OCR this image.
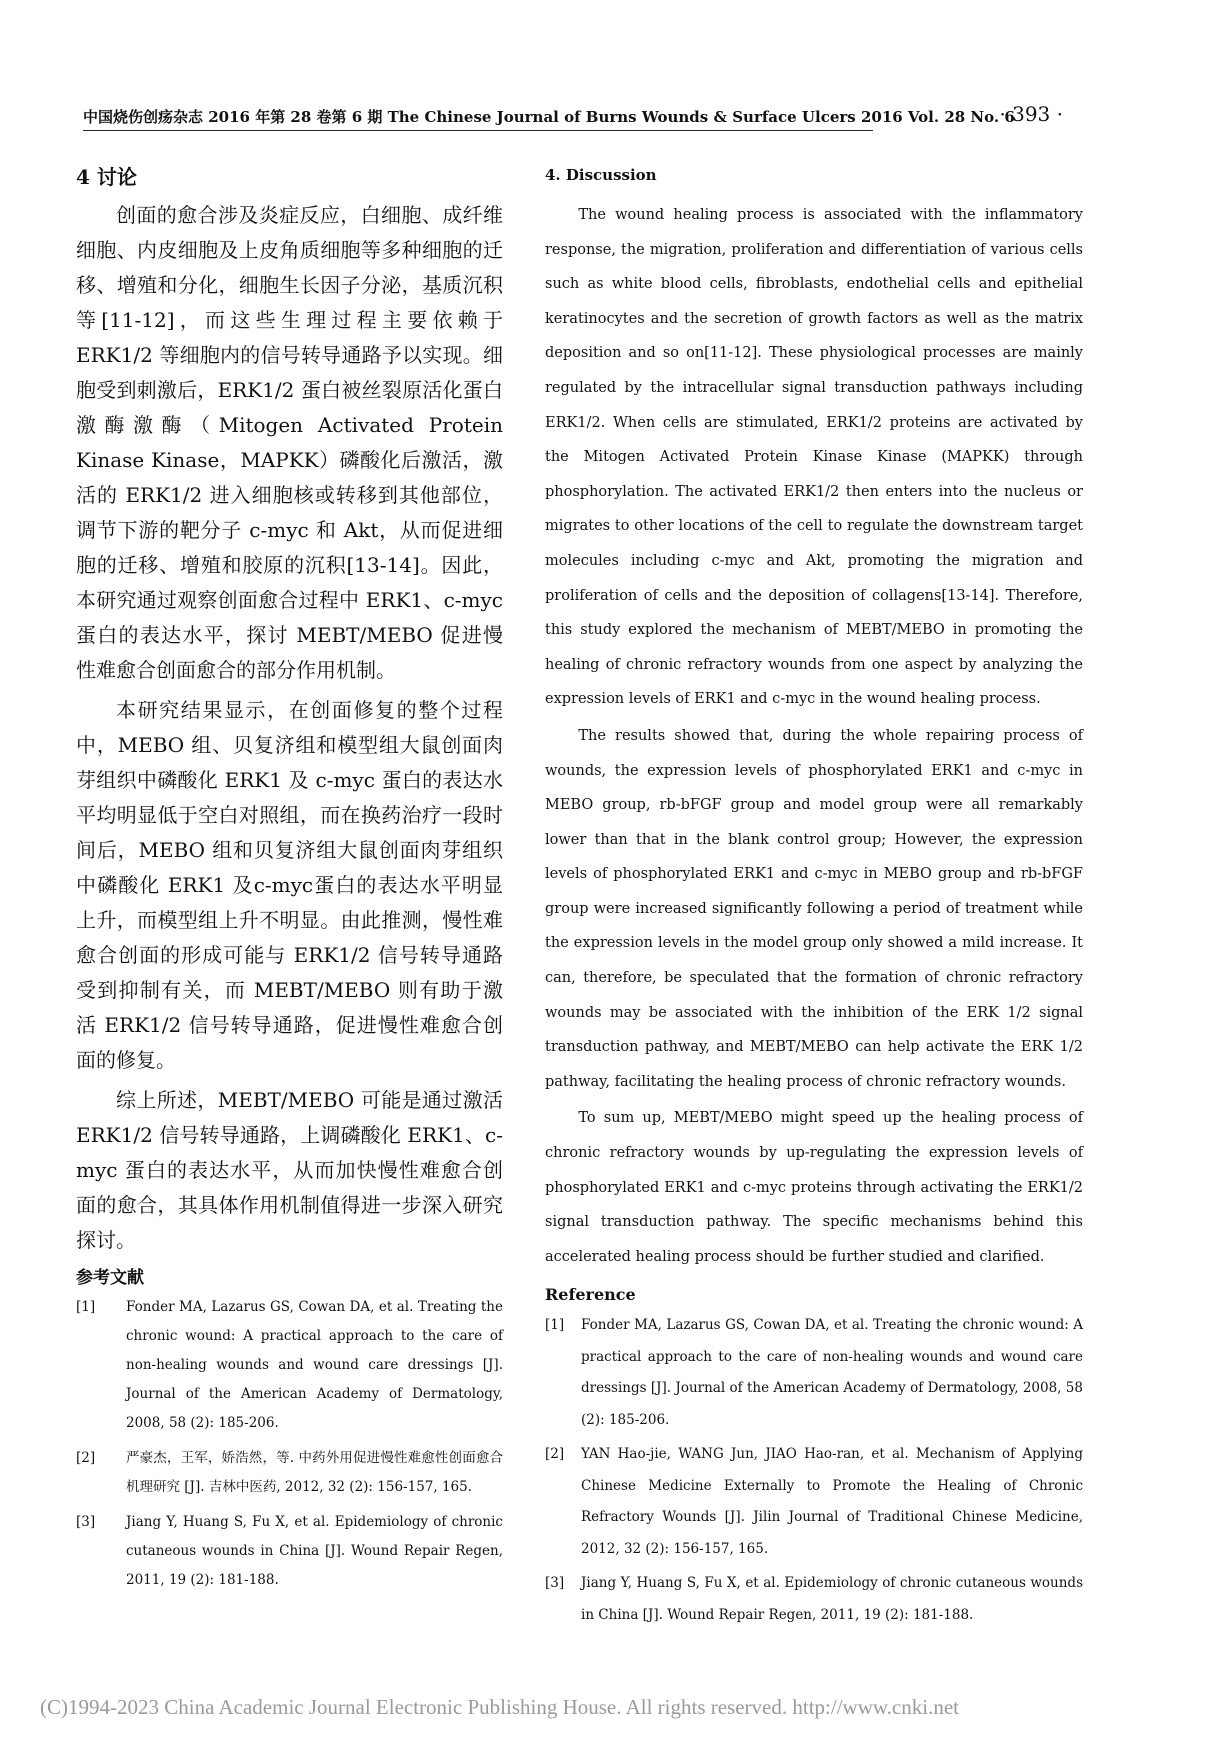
中国烧伤创疡杂志 2016 年第 28 卷第 6 期 The Chinese Journal of Burns Wounds & Surface Ulcers 2016 Vol. 28 No. 6
· 393 ·
4 讨论

创面的愈合涉及炎症反应，白细胞、成纤维细胞、内皮细胞及上皮角质细胞等多种细胞的迁移、增殖和分化，细胞生长因子分泌，基质沉积等[11-12]，而这些生理过程主要依赖于 ERK1/2 等细胞内的信号转导通路予以实现。细胞受到刺激后，ERK1/2 蛋白被丝裂原活化蛋白激酶激酶（Mitogen Activated Protein Kinase Kinase，MAPKK）磷酸化后激活，激活的 ERK1/2 进入细胞核或转移到其他部位，调节下游的靶分子 c-myc 和 Akt，从而促进细胞的迁移、增殖和胶原的沉积[13-14]。因此，本研究通过观察创面愈合过程中 ERK1、c-myc 蛋白的表达水平，探讨 MEBT/MEBO 促进慢性难愈合创面愈合的部分作用机制。

本研究结果显示，在创面修复的整个过程中，MEBO 组、贝复济组和模型组大鼠创面肉芽组织中磷酸化 ERK1 及 c-myc 蛋白的表达水平均明显低于空白对照组，而在换药治疗一段时间后，MEBO 组和贝复济组大鼠创面肉芽组织中磷酸化 ERK1 及c-myc蛋白的表达水平明显上升，而模型组上升不明显。由此推测，慢性难愈合创面的形成可能与 ERK1/2 信号转导通路受到抑制有关，而 MEBT/MEBO 则有助于激活 ERK1/2 信号转导通路，促进慢性难愈合创面的修复。

综上所述，MEBT/MEBO 可能是通过激活 ERK1/2 信号转导通路，上调磷酸化 ERK1、c-myc 蛋白的表达水平，从而加快慢性难愈合创面的愈合，其具体作用机制值得进一步深入研究探讨。

参考文献
[1] Fonder MA, Lazarus GS, Cowan DA, et al. Treating the chronic wound: A practical approach to the care of non-healing wounds and wound care dressings [J]. Journal of the American Academy of Dermatology, 2008, 58 (2): 185-206.
[2] 严豪杰，王军，娇浩然，等. 中药外用促进慢性难愈性创面愈合机理研究 [J]. 吉林中医药, 2012, 32 (2): 156-157, 165.
[3] Jiang Y, Huang S, Fu X, et al. Epidemiology of chronic cutaneous wounds in China [J]. Wound Repair Regen, 2011, 19 (2): 181-188.
4. Discussion

The wound healing process is associated with the inflammatory response, the migration, proliferation and differentiation of various cells such as white blood cells, fibroblasts, endothelial cells and epithelial keratinocytes and the secretion of growth factors as well as the matrix deposition and so on[11-12]. These physiological processes are mainly regulated by the intracellular signal transduction pathways including ERK1/2. When cells are stimulated, ERK1/2 proteins are activated by the Mitogen Activated Protein Kinase Kinase (MAPKK) through phosphorylation. The activated ERK1/2 then enters into the nucleus or migrates to other locations of the cell to regulate the downstream target molecules including c-myc and Akt, promoting the migration and proliferation of cells and the deposition of collagens[13-14]. Therefore, this study explored the mechanism of MEBT/MEBO in promoting the healing of chronic refractory wounds from one aspect by analyzing the expression levels of ERK1 and c-myc in the wound healing process.

The results showed that, during the whole repairing process of wounds, the expression levels of phosphorylated ERK1 and c-myc in MEBO group, rb-bFGF group and model group were all remarkably lower than that in the blank control group; However, the expression levels of phosphorylated ERK1 and c-myc in MEBO group and rb-bFGF group were increased significantly following a period of treatment while the expression levels in the model group only showed a mild increase. It can, therefore, be speculated that the formation of chronic refractory wounds may be associated with the inhibition of the ERK 1/2 signal transduction pathway, and MEBT/MEBO can help activate the ERK 1/2 pathway, facilitating the healing process of chronic refractory wounds.

To sum up, MEBT/MEBO might speed up the healing process of chronic refractory wounds by up-regulating the expression levels of phosphorylated ERK1 and c-myc proteins through activating the ERK1/2 signal transduction pathway. The specific mechanisms behind this accelerated healing process should be further studied and clarified.

Reference
[1] Fonder MA, Lazarus GS, Cowan DA, et al. Treating the chronic wound: A practical approach to the care of non-healing wounds and wound care dressings [J]. Journal of the American Academy of Dermatology, 2008, 58 (2): 185-206.
[2] YAN Hao-jie, WANG Jun, JIAO Hao-ran, et al. Mechanism of Applying Chinese Medicine Externally to Promote the Healing of Chronic Refractory Wounds [J]. Jilin Journal of Traditional Chinese Medicine, 2012, 32 (2): 156-157, 165.
[3] Jiang Y, Huang S, Fu X, et al. Epidemiology of chronic cutaneous wounds in China [J]. Wound Repair Regen, 2011, 19 (2): 181-188.
(C)1994-2023 China Academic Journal Electronic Publishing House. All rights reserved. http://www.cnki.net
